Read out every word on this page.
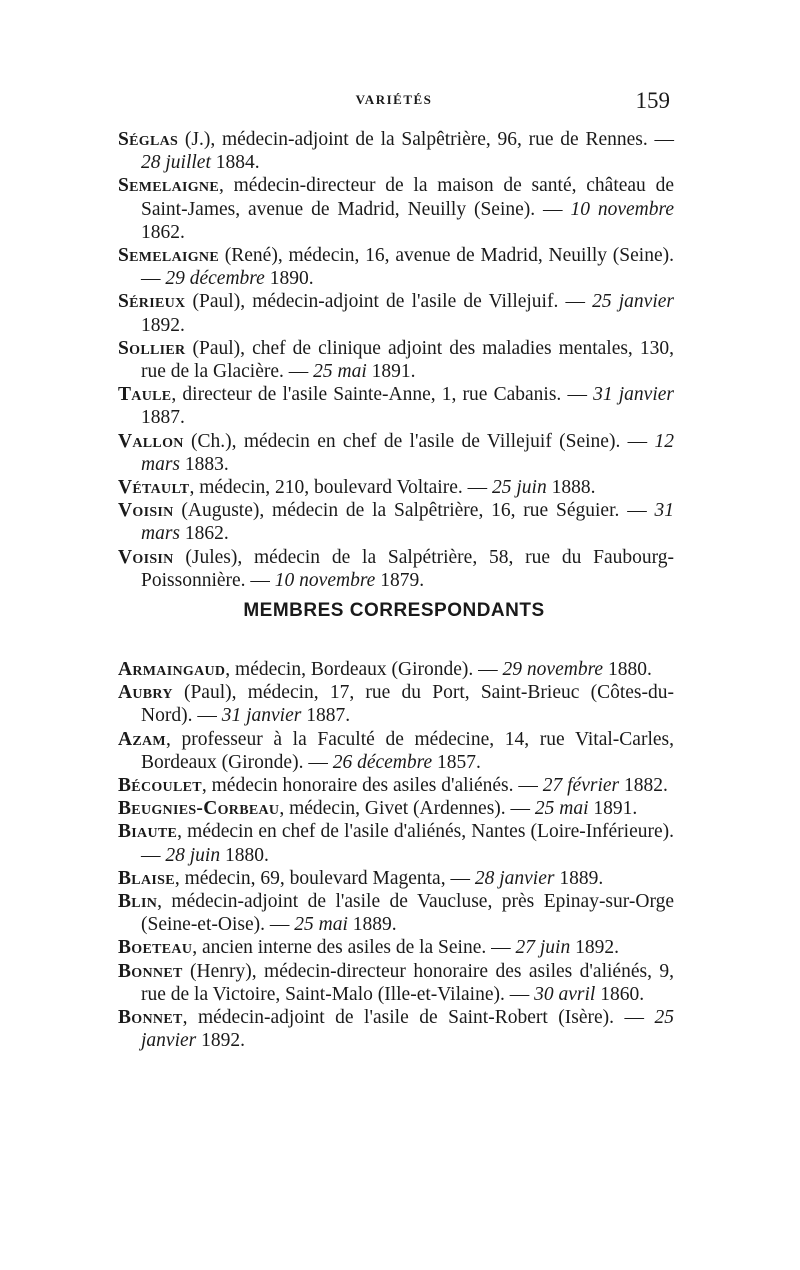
VARIÉTÉS	159
Séglas (J.), médecin-adjoint de la Salpêtrière, 96, rue de Rennes. — 28 juillet 1884.
Semelaigne, médecin-directeur de la maison de santé, château de Saint-James, avenue de Madrid, Neuilly (Seine). — 10 novembre 1862.
Semelaigne (René), médecin, 16, avenue de Madrid, Neuilly (Seine). — 29 décembre 1890.
Sérieux (Paul), médecin-adjoint de l'asile de Villejuif. — 25 janvier 1892.
Sollier (Paul), chef de clinique adjoint des maladies mentales, 130, rue de la Glacière. — 25 mai 1891.
Taule, directeur de l'asile Sainte-Anne, 1, rue Cabanis. — 31 janvier 1887.
Vallon (Ch.), médecin en chef de l'asile de Villejuif (Seine). — 12 mars 1883.
Vétault, médecin, 210, boulevard Voltaire. — 25 juin 1888.
Voisin (Auguste), médecin de la Salpêtrière, 16, rue Séguier. — 31 mars 1862.
Voisin (Jules), médecin de la Salpétrière, 58, rue du Faubourg-Poissonnière. — 10 novembre 1879.
MEMBRES CORRESPONDANTS
Armaingaud, médecin, Bordeaux (Gironde). — 29 novembre 1880.
Aubry (Paul), médecin, 17, rue du Port, Saint-Brieuc (Côtes-du-Nord). — 31 janvier 1887.
Azam, professeur à la Faculté de médecine, 14, rue Vital-Carles, Bordeaux (Gironde). — 26 décembre 1857.
Bécoulet, médecin honoraire des asiles d'aliénés. — 27 février 1882.
Beugnies-Corbeau, médecin, Givet (Ardennes). — 25 mai 1891.
Biaute, médecin en chef de l'asile d'aliénés, Nantes (Loire-Inférieure). — 28 juin 1880.
Blaise, médecin, 69, boulevard Magenta, — 28 janvier 1889.
Blin, médecin-adjoint de l'asile de Vaucluse, près Epinay-sur-Orge (Seine-et-Oise). — 25 mai 1889.
Boeteau, ancien interne des asiles de la Seine. — 27 juin 1892.
Bonnet (Henry), médecin-directeur honoraire des asiles d'aliénés, 9, rue de la Victoire, Saint-Malo (Ille-et-Vilaine). — 30 avril 1860.
Bonnet, médecin-adjoint de l'asile de Saint-Robert (Isère). — 25 janvier 1892.
